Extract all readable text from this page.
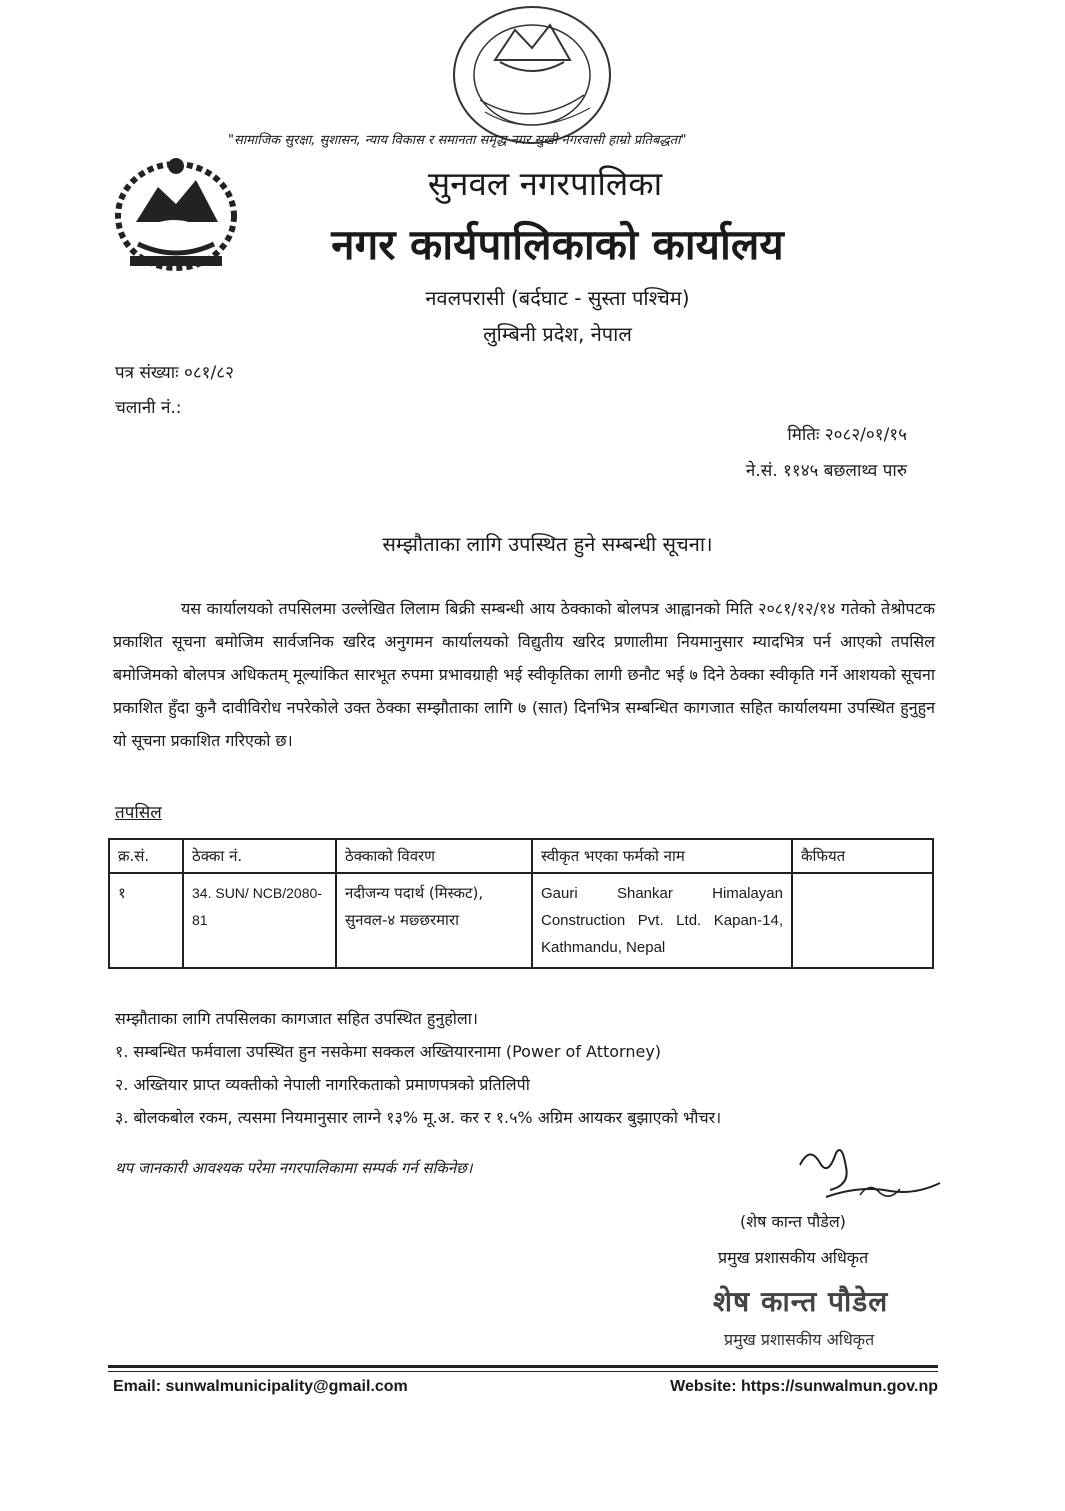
"सामाजिक सुरक्षा, सुशासन, न्याय विकास र समानता समृद्ध नगर सुखी नगरवासी हाम्रो प्रतिबद्धता"
सुनवल नगरपालिका
नगर कार्यपालिकाको कार्यालय
नवलपरासी (बर्दघाट - सुस्ता पश्चिम)
लुम्बिनी प्रदेश, नेपाल
पत्र संख्याः ०८१/८२
चलानी नं.:
मितिः २०८२/०१/१५
ने.सं. ११४५ बछलाथ्व पारु
सम्झौताका लागि उपस्थित हुने सम्बन्धी सूचना।
यस कार्यालयको तपसिलमा उल्लेखित लिलाम बिक्री सम्बन्धी आय ठेक्काको बोलपत्र आह्वानको मिति २०८१/१२/१४ गतेको तेश्रोपटक प्रकाशित सूचना बमोजिम सार्वजनिक खरिद अनुगमन कार्यालयको विद्युतीय खरिद प्रणालीमा नियमानुसार म्यादभित्र पर्न आएको तपसिल बमोजिमको बोलपत्र अधिकतम् मूल्यांकित सारभूत रुपमा प्रभावग्राही भई स्वीकृतिका लागी छनौट भई ७ दिने ठेक्का स्वीकृति गर्ने आशयको सूचना प्रकाशित हुँदा कुनै दावीविरोध नपरेकोले उक्त ठेक्का सम्झौताका लागि ७ (सात) दिनभित्र सम्बन्धित कागजात सहित कार्यालयमा उपस्थित हुनुहुन यो सूचना प्रकाशित गरिएको छ।
तपसिल
क्र.सं.	ठेक्का नं.	ठेक्काको विवरण	स्वीकृत भएका फर्मको नाम	कैफियत
१	34. SUN/ NCB/2080-81	नदीजन्य पदार्थ (मिस्कट), सुनवल-४ मछ्छरमारा	Gauri Shankar Himalayan Construction Pvt. Ltd. Kapan-14, Kathmandu, Nepal	
सम्झौताका लागि तपसिलका कागजात सहित उपस्थित हुनुहोला।
१. सम्बन्धित फर्मवाला उपस्थित हुन नसकेमा सक्कल अख्तियारनामा (Power of Attorney)
२. अख्तियार प्राप्त व्यक्तीको नेपाली नागरिकताको प्रमाणपत्रको प्रतिलिपी
३. बोलकबोल रकम, त्यसमा नियमानुसार लाग्ने १३% मू.अ. कर र १.५% अग्रिम आयकर बुझाएको भौचर।
थप जानकारी आवश्यक परेमा नगरपालिकामा सम्पर्क गर्न सकिनेछ।
(शेष कान्त पौडेल)
प्रमुख प्रशासकीय अधिकृत
शेष कान्त पौडेल
प्रमुख प्रशासकीय अधिकृत
Email: sunwalmunicipality@gmail.com	Website: https://sunwalmun.gov.np
